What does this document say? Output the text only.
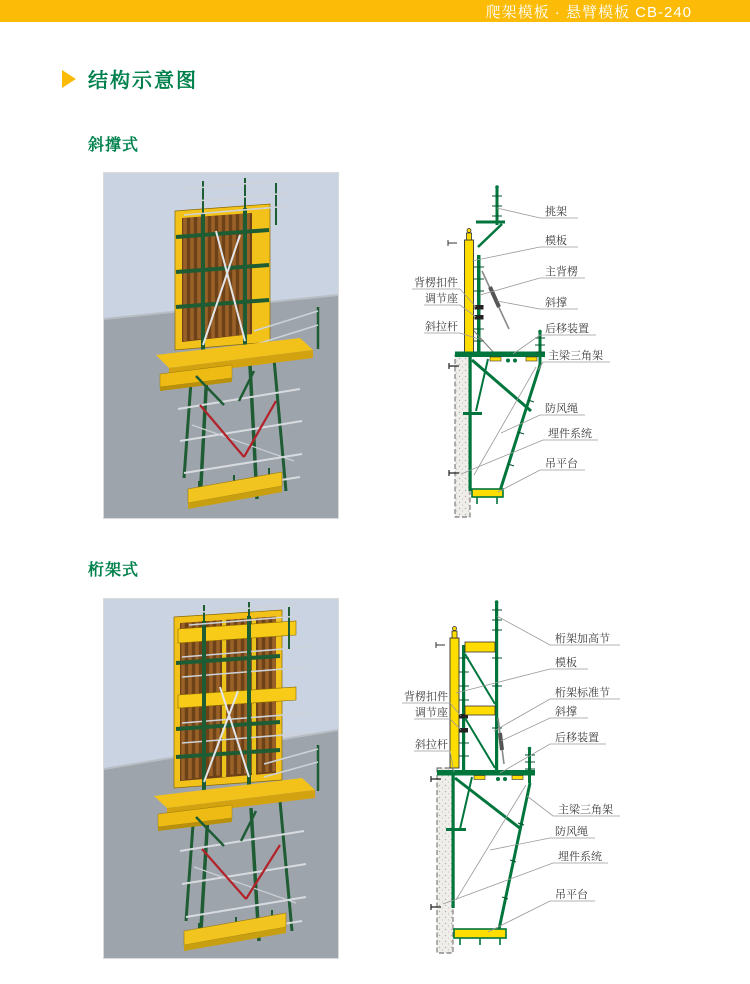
爬架模板 · 悬臂模板 CB-240
结构示意图
斜撑式
挑架
模板
主背楞
斜撑
后移装置
主梁三角架
防风绳
埋件系统
吊平台
背楞扣件
调节座
斜拉杆
桁架式
桁架加高节
模板
桁架标准节
斜撑
后移装置
主梁三角架
防风绳
埋件系统
吊平台
背楞扣件
调节座
斜拉杆
